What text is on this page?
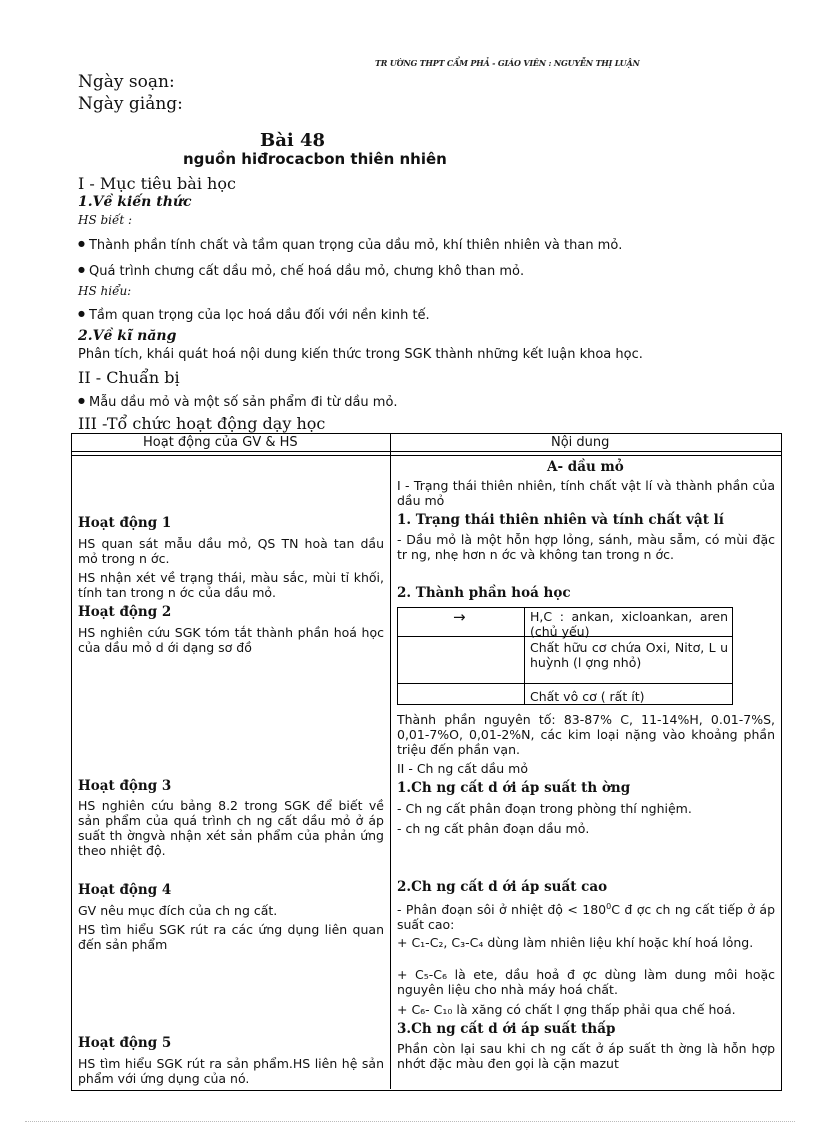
TR ƯỜNG THPT CẨM PHẢ - GIÁO VIÊN : NGUYỄN THỊ LUẬN
Ngày soạn:
Ngày giảng:
Bài 48
nguồn hiđrocacbon thiên nhiên
I - Mục tiêu bài học
1.Về kiến thức
HS biết :
● Thành phần tính chất và tầm quan trọng của dầu mỏ, khí thiên nhiên và than mỏ.
● Quá trình chưng cất dầu mỏ, chế hoá dầu mỏ, chưng khô than mỏ.
HS hiểu:
● Tầm quan trọng của lọc hoá dầu đối với nền kinh tế.
2.Về kĩ năng
Phân tích, khái quát hoá nội dung kiến thức trong SGK thành những kết luận khoa học.
II - Chuẩn bị
● Mẫu dầu mỏ và một số sản phẩm đi từ dầu mỏ.
III -Tổ chức hoạt động dạy học
Hoạt động của GV & HS	Nội dung
Hoạt động 1
HS quan sát mẫu dầu mỏ, QS TN hoà tan dầu mỏ trong n ớc.
HS nhận xét về trạng thái, màu sắc, mùi tỉ khối, tính tan trong n ớc của dầu mỏ.
Hoạt động 2
HS nghiên cứu SGK tóm tắt thành phần hoá học của dầu mỏ d ới dạng sơ đồ
Hoạt động 3
HS nghiên cứu bảng 8.2 trong SGK để biết về sản phẩm của quá trình ch ng cất dầu mỏ ở áp suất th ờngvà nhận xét sản phẩm của phản ứng theo nhiệt độ.
Hoạt động 4
GV nêu mục đích của ch ng cất.
HS tìm hiểu SGK rút ra các ứng dụng liên quan đến sản phẩm
Hoạt động 5
HS tìm hiểu SGK rút ra sản phẩm.HS liên hệ sản phẩm với ứng dụng của nó.
A- dầu mỏ
I - Trạng thái thiên nhiên, tính chất vật lí và thành phần của dầu mỏ
1. Trạng thái thiên nhiên và tính chất vật lí
- Dầu mỏ là một hỗn hợp lỏng, sánh, màu sẫm, có mùi đặc tr ng, nhẹ hơn n ớc và không tan trong n ớc.
2. Thành phần hoá học
→	H,C : ankan, xicloankan, aren (chủ yếu)
Chất hữu cơ chứa Oxi, Nitơ, L u huỳnh (l ợng nhỏ)
Chất vô cơ ( rất ít)
Thành phần nguyên tố: 83-87% C, 11-14%H, 0.01-7%S, 0,01-7%O, 0,01-2%N, các kim loại nặng vào khoảng phần triệu đến phần vạn.
II - Ch ng cất dầu mỏ
1.Ch ng cất d ới áp suất th ờng
- Ch ng cất phân đoạn trong phòng thí nghiệm.
- ch ng cất phân đoạn dầu mỏ.
2.Ch ng cất d ới áp suất cao
- Phân đoạn sôi ở nhiệt độ < $180^0C$ đ ợc ch ng cất tiếp ở áp suất cao:
+ C₁-C₂, C₃-C₄ dùng làm nhiên liệu khí hoặc khí hoá lỏng.
+ C₅-C₆ là ete, dầu hoả đ ợc dùng làm dung môi hoặc nguyên liệu cho nhà máy hoá chất.
+ C₆- C₁₀ là xăng có chất l ợng thấp phải qua chế hoá.
3.Ch ng cất d ới áp suất thấp
Phần còn lại sau khi ch ng cất ở áp suất th ờng là hỗn hợp nhớt đặc màu đen gọi là cặn mazut
